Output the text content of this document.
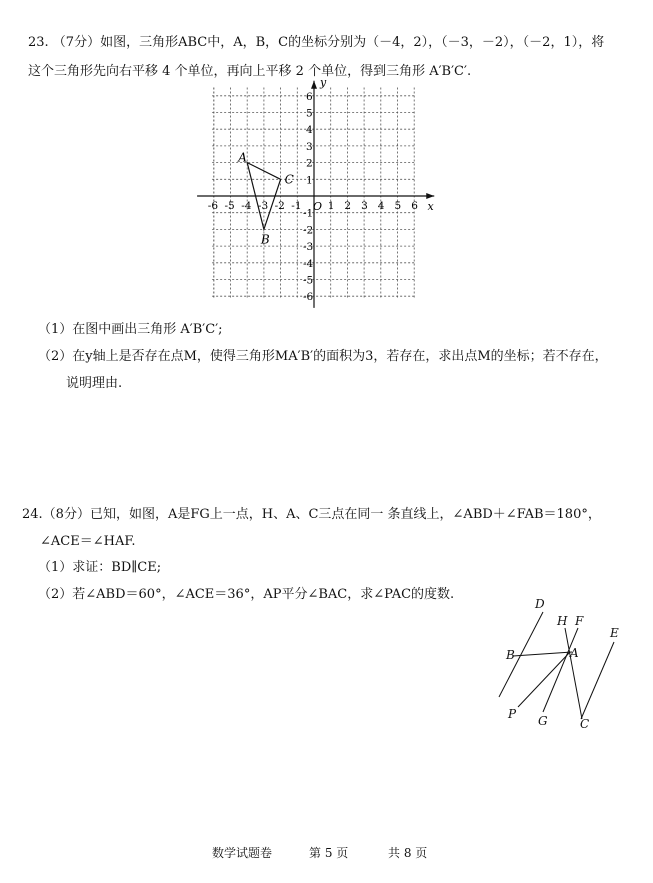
23. （7分）如图，三角形ABC中，A，B，C的坐标分别为（－4，2），（－3，－2），（－2，1），将
这个三角形先向右平移 4 个单位，再向上平移 2 个单位，得到三角形 A′B′C′.
x
y
O
-6 -5 -4 -3 -2 -1 1 2 3 4 5 6
6
5
4
3
2
1
-1
-2
-3
-4
-5
-6
A
B
C
（1）在图中画出三角形 A′B′C′;
（2）在y轴上是否存在点M，使得三角形MA′B′的面积为3，若存在，求出点M的坐标；若不存在，
说明理由.
24.（8分）已知，如图，A是FG上一点，H、A、C三点在同一 条直线上，∠ABD＋∠FAB＝180°，
∠ACE＝∠HAF.
（1）求证：BD∥CE;
（2）若∠ABD＝60°，∠ACE＝36°，AP平分∠BAC，求∠PAC的度数.
D
H F
E
B	A
P G	C
数学试题卷	第 5 页	共 8 页
